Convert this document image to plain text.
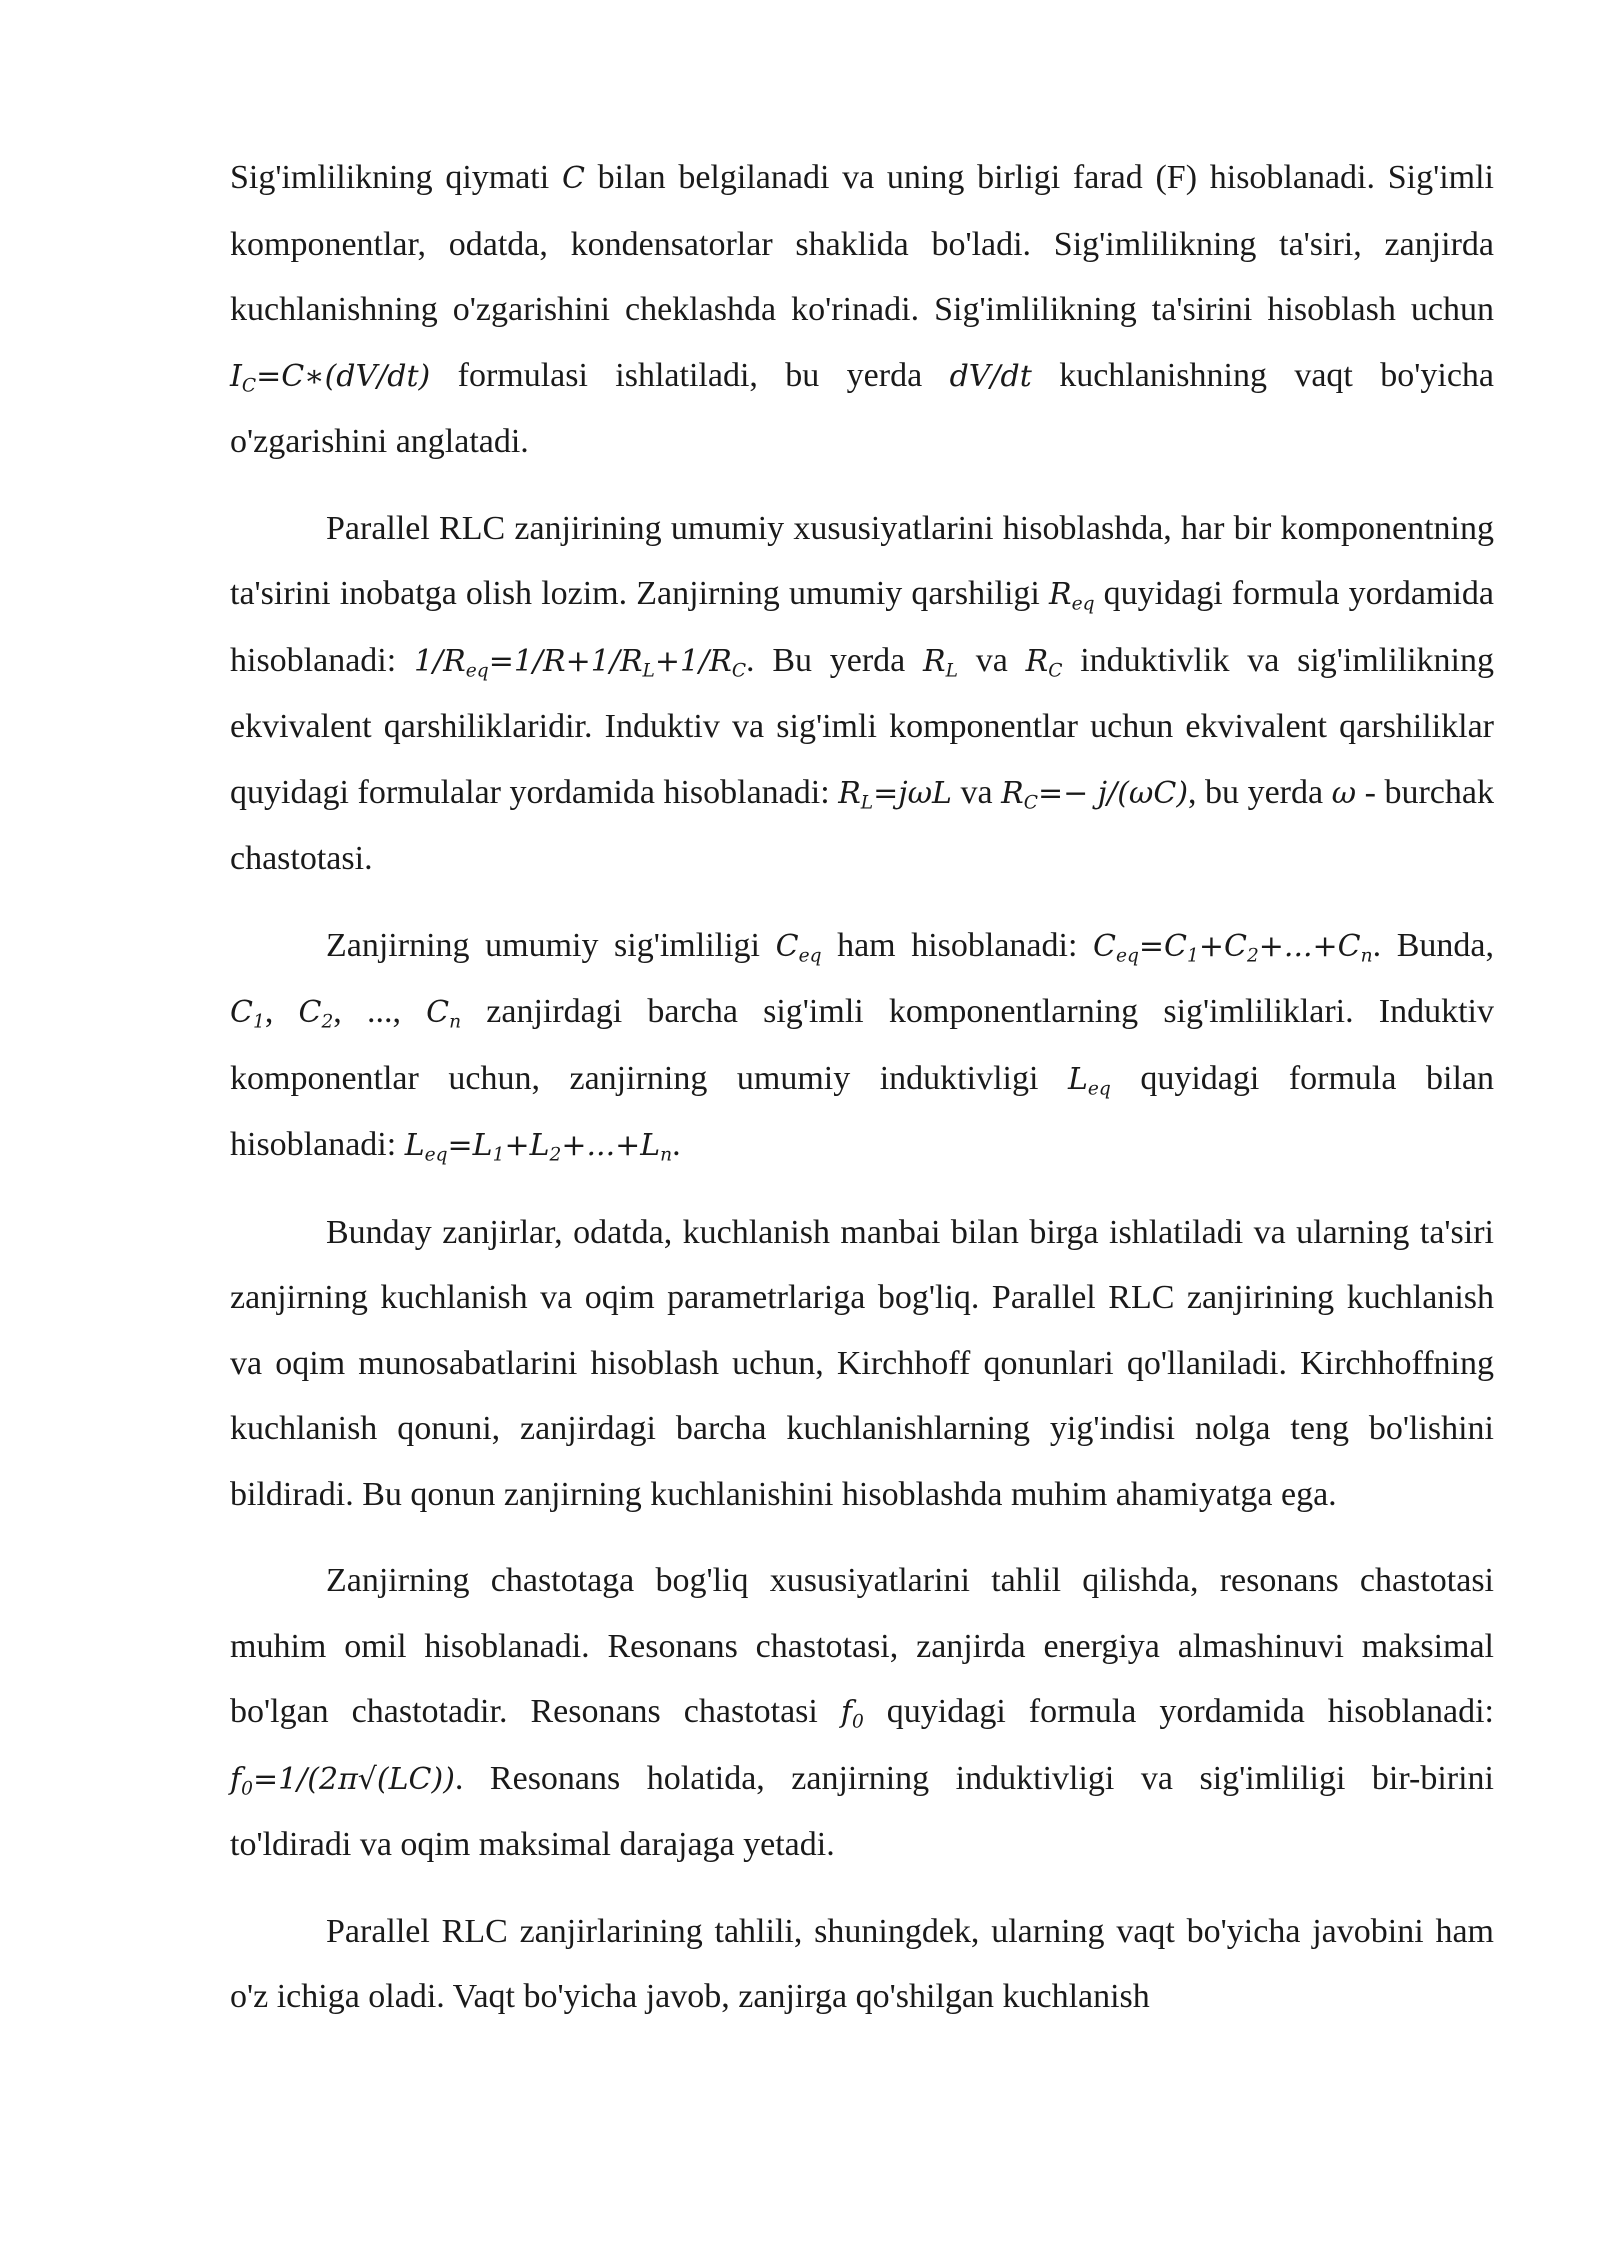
Sig'imlilikning qiymati C bilan belgilanadi va uning birligi farad (F) hisoblanadi. Sig'imli komponentlar, odatda, kondensatorlar shaklida bo'ladi. Sig'imlilikning ta'siri, zanjirda kuchlanishning o'zgarishini cheklashda ko'rinadi. Sig'imlilikning ta'sirini hisoblash uchun $I_C=C∗(dV/dt)$ formulasi ishlatiladi, bu yerda dV/dt kuchlanishning vaqt bo'yicha o'zgarishini anglatadi.

Parallel RLC zanjirining umumiy xususiyatlarini hisoblashda, har bir komponentning ta'sirini inobatga olish lozim. Zanjirning umumiy qarshiligi $R_{eq}$ quyidagi formula yordamida hisoblanadi: $1/R_{eq}=1/R+1/R_L+1/R_C$. Bu yerda $R_L$ va $R_C$ induktivlik va sig'imlilikning ekvivalent qarshiliklaridir. Induktiv va sig'imli komponentlar uchun ekvivalent qarshiliklar quyidagi formulalar yordamida hisoblanadi: $R_L=j\omega L$ va $R_C=- j/(\omega C)$, bu yerda ω - burchak chastotasi.

Zanjirning umumiy sig'imliligi $C_{eq}$ ham hisoblanadi: $C_{eq}=C_1+C_2+...+C_n$. Bunda, $C_1$, $C_2$, ..., $C_n$ zanjirdagi barcha sig'imli komponentlarning sig'imliliklari. Induktiv komponentlar uchun, zanjirning umumiy induktivligi $L_{eq}$ quyidagi formula bilan hisoblanadi: $L_{eq}=L_1+L_2+...+L_n$.

Bunday zanjirlar, odatda, kuchlanish manbai bilan birga ishlatiladi va ularning ta'siri zanjirning kuchlanish va oqim parametrlariga bog'liq. Parallel RLC zanjirining kuchlanish va oqim munosabatlarini hisoblash uchun, Kirchhoff qonunlari qo'llaniladi. Kirchhoffning kuchlanish qonuni, zanjirdagi barcha kuchlanishlarning yig'indisi nolga teng bo'lishini bildiradi. Bu qonun zanjirning kuchlanishini hisoblashda muhim ahamiyatga ega.

Zanjirning chastotaga bog'liq xususiyatlarini tahlil qilishda, resonans chastotasi muhim omil hisoblanadi. Resonans chastotasi, zanjirda energiya almashinuvi maksimal bo'lgan chastotadir. Resonans chastotasi $f_0$ quyidagi formula yordamida hisoblanadi: $f_0=1/(2\pi√(LC))$. Resonans holatida, zanjirning induktivligi va sig'imliligi bir-birini to'ldiradi va oqim maksimal darajaga yetadi.

Parallel RLC zanjirlarining tahlili, shuningdek, ularning vaqt bo'yicha javobini ham o'z ichiga oladi. Vaqt bo'yicha javob, zanjirga qo'shilgan kuchlanish
